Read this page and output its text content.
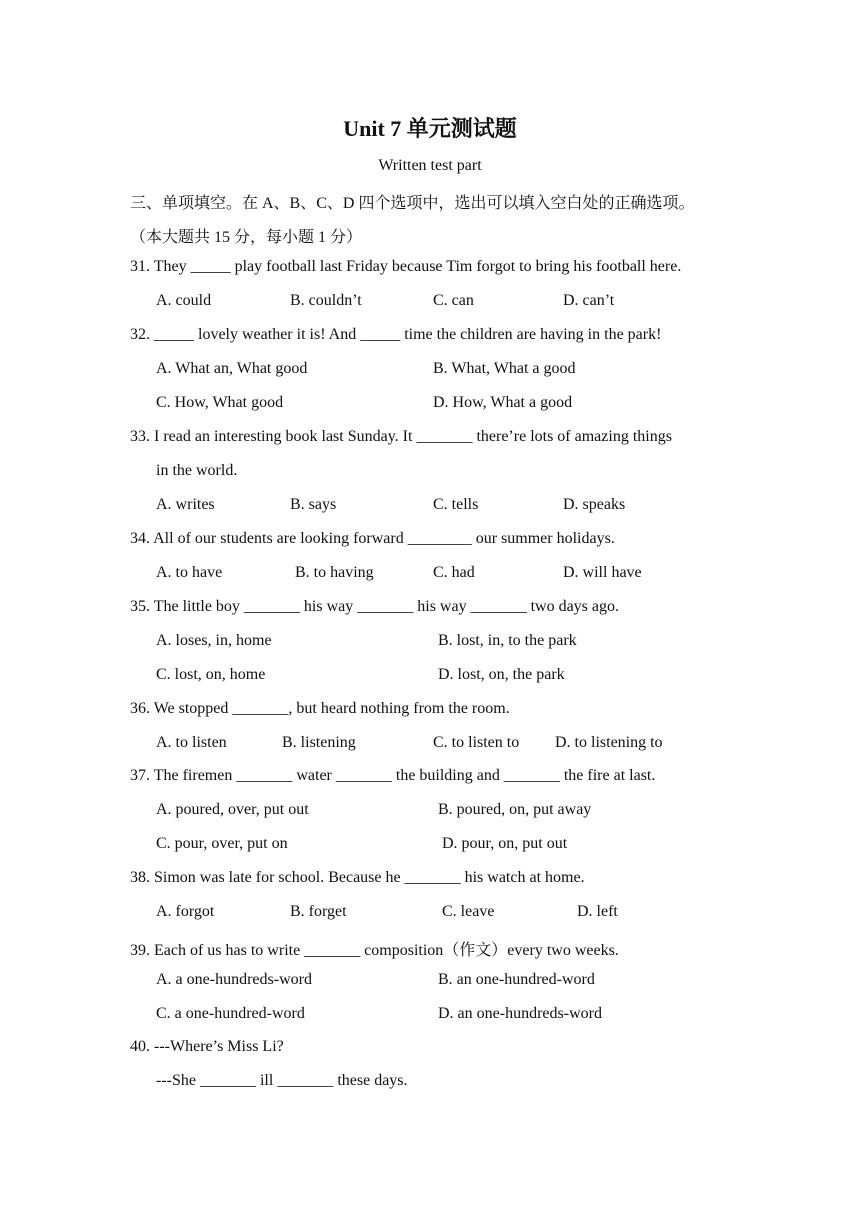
Unit 7 单元测试题
Written test part
三、单项填空。在 A、B、C、D 四个选项中，选出可以填入空白处的正确选项。
（本大题共 15 分，每小题 1 分）
31. They _____ play football last Friday because Tim forgot to bring his football here.
A. could	B. couldn’t	C. can	D. can’t
32. _____ lovely weather it is! And _____ time the children are having in the park!
A. What an, What good	B. What, What a good
C. How, What good	D. How, What a good
33. I read an interesting book last Sunday. It _______ there’re lots of amazing things
in the world.
A. writes	B. says	C. tells	D. speaks
34. All of our students are looking forward ________ our summer holidays.
A. to have	B. to having	C. had	D. will have
35. The little boy _______ his way _______ his way _______ two days ago.
A. loses, in, home	B. lost, in, to the park
C. lost, on, home	D. lost, on, the park
36. We stopped _______, but heard nothing from the room.
A. to listen	B. listening	C. to listen to D. to listening to
37. The firemen _______ water _______ the building and _______ the fire at last.
A. poured, over, put out	B. poured, on, put away
C. pour, over, put on	D. pour, on, put out
38. Simon was late for school. Because he _______ his watch at home.
A. forgot	B. forget	C. leave	D. left
39. Each of us has to write _______ composition（作文）every two weeks.
A. a one-hundreds-word	B. an one-hundred-word
C. a one-hundred-word	D. an one-hundreds-word
40. ---Where’s Miss Li?
---She _______ ill _______ these days.
